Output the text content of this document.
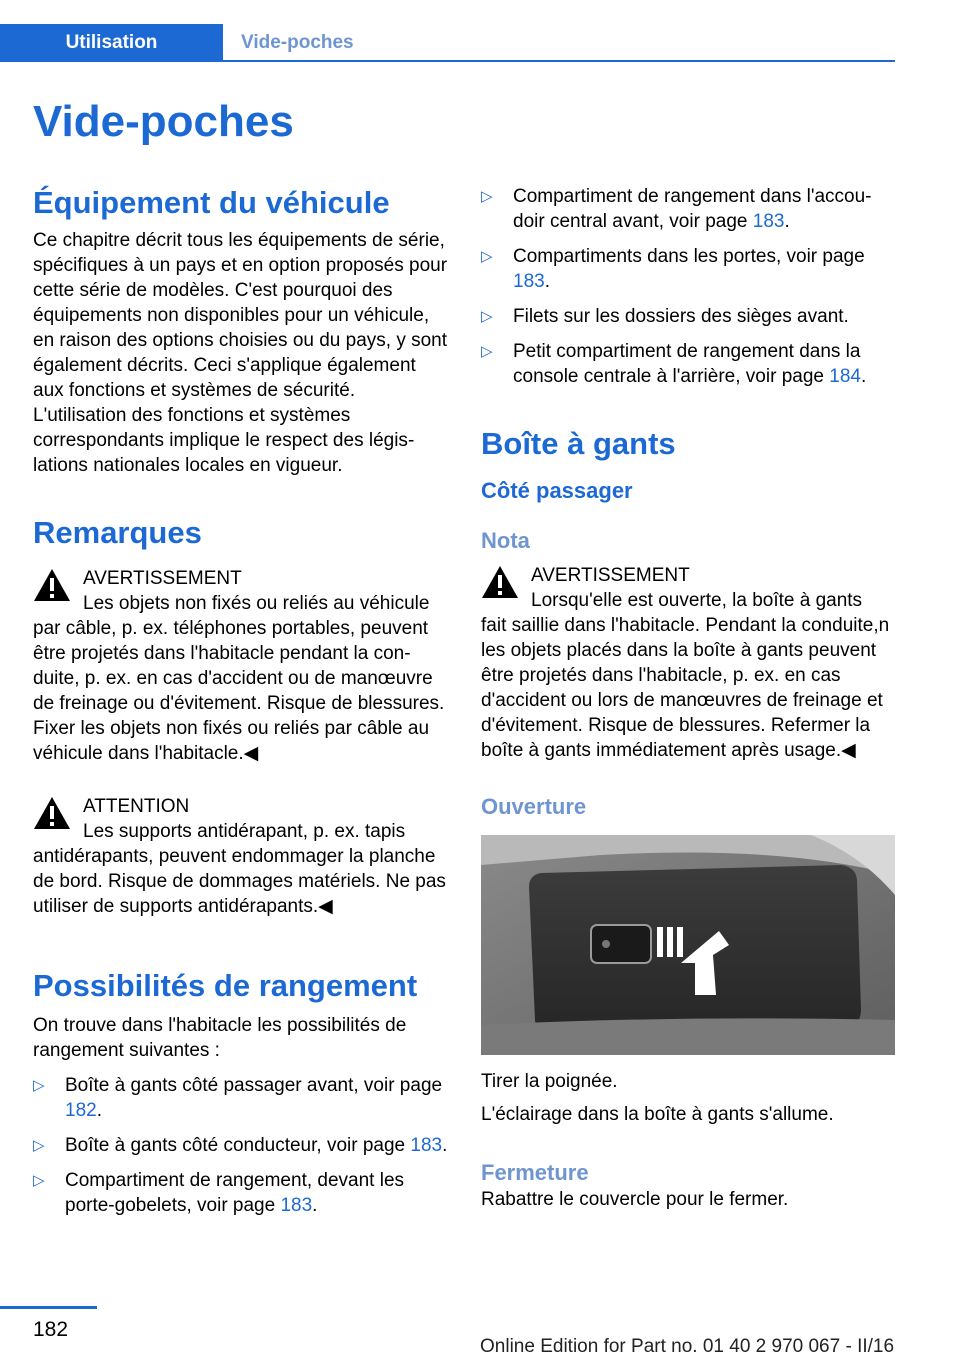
Utilisation	Vide-poches
Vide-poches
Équipement du véhicule

Ce chapitre décrit tous les équipements de série, spécifiques à un pays et en option proposés pour cette série de modèles. C'est pourquoi des équipements non disponibles pour un véhicule, en raison des options choisies ou du pays, y sont également décrits. Ceci s'applique également aux fonctions et systèmes de sécurité. L'utilisation des fonctions et systèmes correspondants implique le respect des législations nationales locales en vigueur.

Remarques
AVERTISSEMENT
Les objets non fixés ou reliés au véhicule

par câble, p. ex. téléphones portables, peuvent être projetés dans l'habitacle pendant la conduite, p. ex. en cas d'accident ou de manœuvre de freinage ou d'évitement. Risque de blessures. Fixer les objets non fixés ou reliés par câble au véhicule dans l'habitacle.◀

ATTENTION
Les supports antidérapant, p. ex. tapis

antidérapants, peuvent endommager la planche de bord. Risque de dommages matériels. Ne pas utiliser de supports antidérapants.◀

Possibilités de rangement

On trouve dans l'habitacle les possibilités de rangement suivantes :

▷ Boîte à gants côté passager avant, voir page 182.
▷ Boîte à gants côté conducteur, voir page 183.
▷ Compartiment de rangement, devant les porte-gobelets, voir page 183.
▷ Compartiment de rangement dans l'accoudoir central avant, voir page 183.
▷ Compartiments dans les portes, voir page 183.
▷ Filets sur les dossiers des sièges avant.
▷ Petit compartiment de rangement dans la console centrale à l'arrière, voir page 184.
Boîte à gants
Côté passager
Nota
AVERTISSEMENT
Lorsqu'elle est ouverte, la boîte à gants

fait saillie dans l'habitacle. Pendant la conduite,n les objets placés dans la boîte à gants peuvent être projetés dans l'habitacle, p. ex. en cas d'accident ou lors de manœuvres de freinage et d'évitement. Risque de blessures. Refermer la boîte à gants immédiatement après usage.◀

Ouverture

Tirer la poignée.

L'éclairage dans la boîte à gants s'allume.

Fermeture

Rabattre le couvercle pour le fermer.

182
Online Edition for Part no. 01 40 2 970 067 - II/16
